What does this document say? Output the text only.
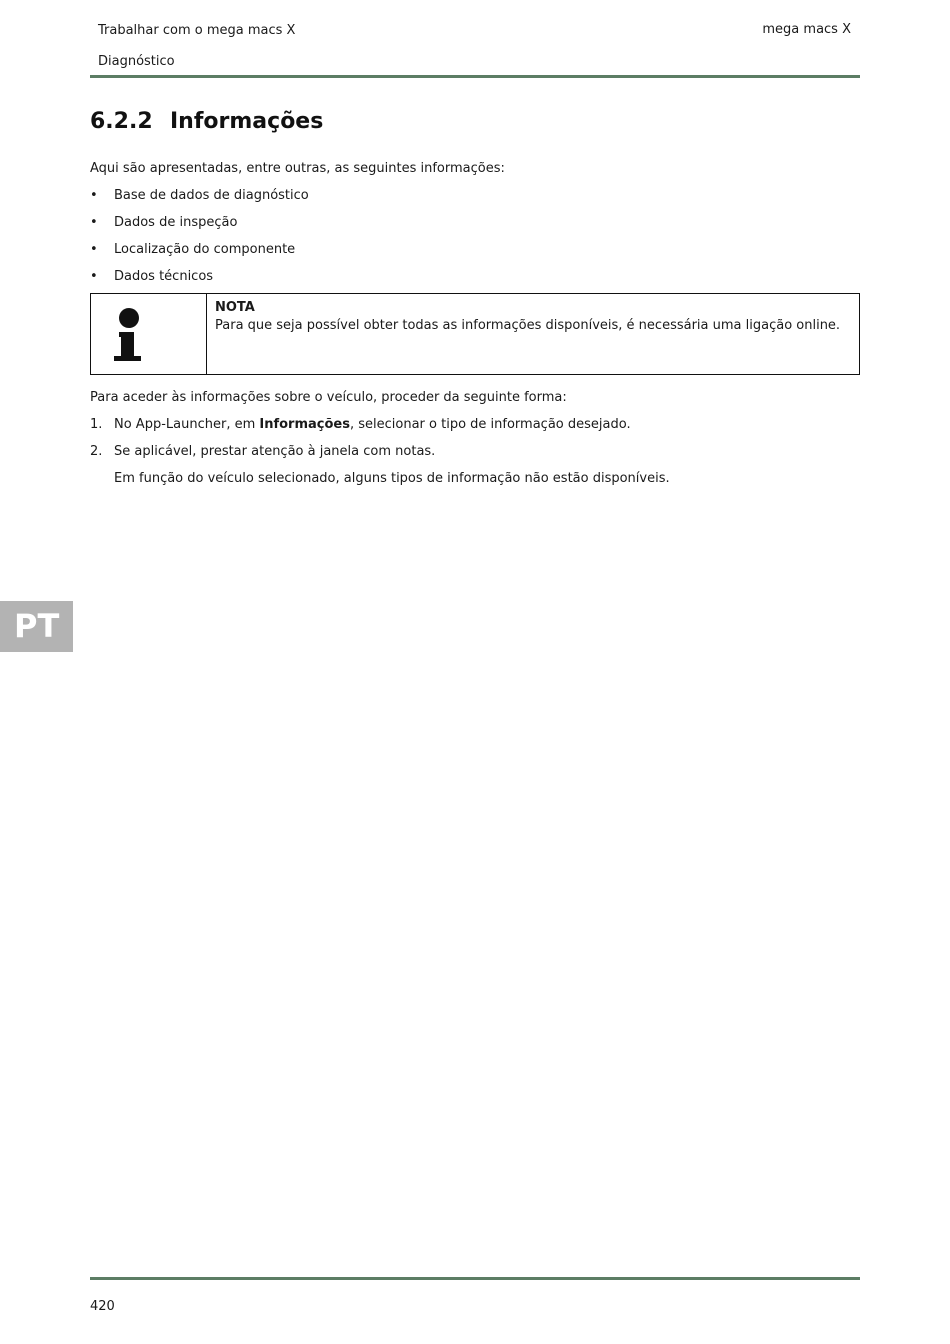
Trabalhar com o mega macs X
Diagnóstico
mega macs X
6.2.2 Informações
Aqui são apresentadas, entre outras, as seguintes informações:
• Base de dados de diagnóstico
• Dados de inspeção
• Localização do componente
• Dados técnicos
NOTA
Para que seja possível obter todas as informações disponíveis, é necessária uma ligação online.
Para aceder às informações sobre o veículo, proceder da seguinte forma:
1. No App-Launcher, em Informações, selecionar o tipo de informação desejado.
2. Se aplicável, prestar atenção à janela com notas.
Em função do veículo selecionado, alguns tipos de informação não estão disponíveis.
PT
420
